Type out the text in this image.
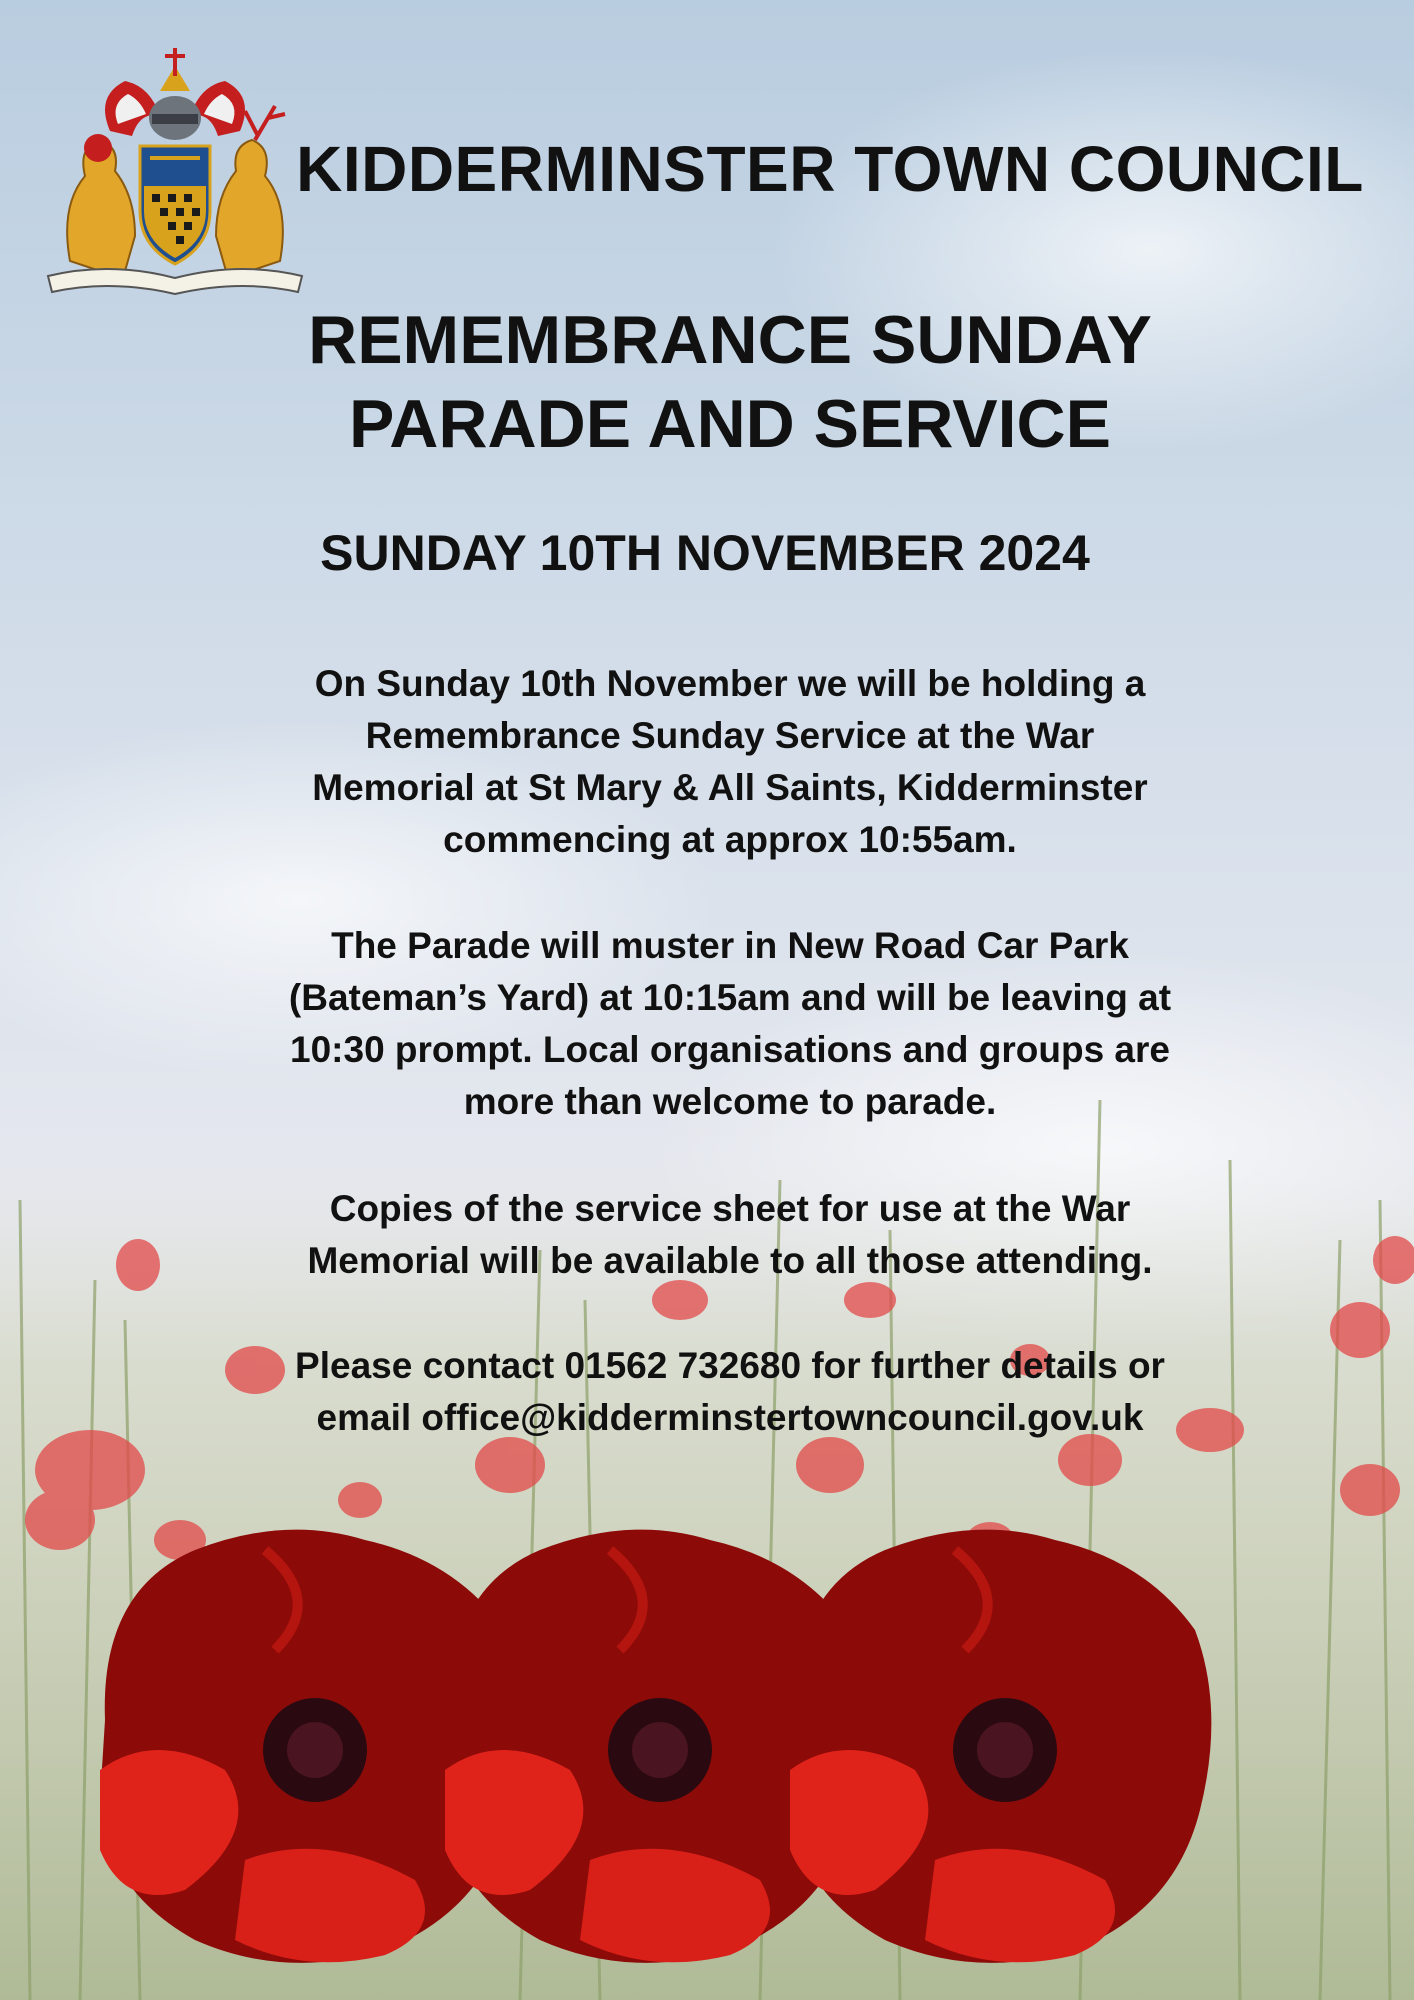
KIDDERMINSTER TOWN COUNCIL
REMEMBRANCE SUNDAY
PARADE AND SERVICE
SUNDAY 10TH NOVEMBER 2024
On Sunday 10th November we will be holding a
Remembrance Sunday Service at the War
Memorial at St Mary & All Saints, Kidderminster
commencing at approx 10:55am.
The Parade will muster in New Road Car Park
(Bateman’s Yard) at 10:15am and will be leaving at
10:30 prompt. Local organisations and groups are
more than welcome to parade.
Copies of the service sheet for use at the War
Memorial will be available to all those attending.
Please contact 01562 732680 for further details or
email office@kidderminstertowncouncil.gov.uk
